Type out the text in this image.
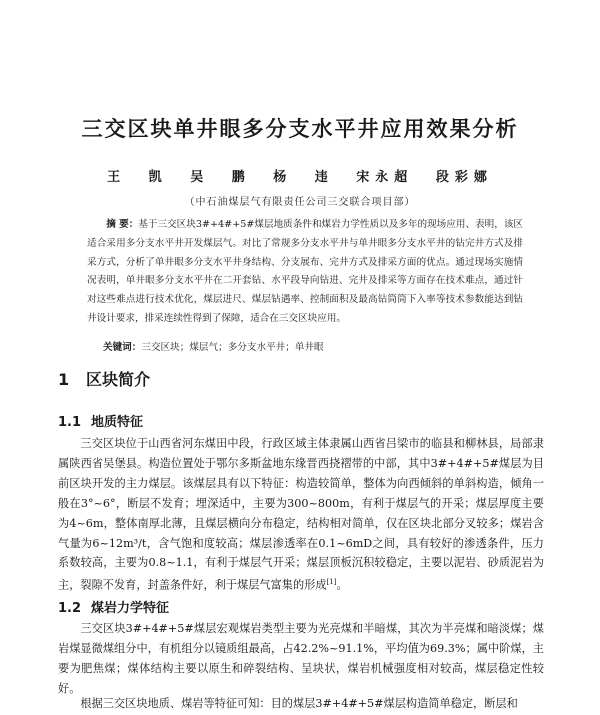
三交区块单井眼多分支水平井应用效果分析

王 凯 吴 鹏 杨 违 宋永超 段彩娜

（中石油煤层气有限责任公司三交联合项目部）

摘 要：基于三交区块3#+4#+5#煤层地质条件和煤岩力学性质以及多年的现场应用、表明，该区适合采用多分支水平井开发煤层气。对比了常规多分支水平井与单井眼多分支水平井的钻完井方式及排采方式，分析了单井眼多分支水平井身结构、分支展布、完井方式及排采方面的优点。通过现场实施情况表明，单井眼多分支水平井在二开套钻、水平段导向钻进、完井及排采等方面存在技术难点，通过针对这些难点进行技术优化，煤层进尺、煤层钻遇率、控制面积及最高钻筒筒下入率等技术参数能达到钻井设计要求，排采连续性得到了保障，适合在三交区块应用。

关键词：三交区块；煤层气；多分支水平井；单井眼

1 区块简介
1.1 地质特征

三交区块位于山西省河东煤田中段，行政区域主体隶属山西省吕梁市的临县和柳林县，局部隶属陕西省吴堡县。构造位置处于鄂尔多斯盆地东缘晋西挠褶带的中部，其中3#+4#+5#煤层为目前区块开发的主力煤层。该煤层具有以下特征：构造较简单，整体为向西倾斜的单斜构造，倾角一般在3°~6°，断层不发育；埋深适中，主要为300~800m，有利于煤层气的开采；煤层厚度主要为4~6m，整体南厚北薄，且煤层横向分布稳定，结构相对简单，仅在区块北部分叉较多；煤岩含气量为6~12m³/t，含气饱和度较高；煤层渗透率在0.1~6mD之间，具有较好的渗透条件，压力系数较高，主要为0.8~1.1，有利于煤层气开采；煤层顶板沉积较稳定，主要以泥岩、砂质泥岩为主，裂隙不发育，封盖条件好，利于煤层气富集的形成[1]。

1.2 煤岩力学特征

三交区块3#+4#+5#煤层宏观煤岩类型主要为光亮煤和半暗煤，其次为半亮煤和暗淡煤；煤岩煤显微煤组分中，有机组分以镜质组最高，占42.2%~91.1%，平均值为69.3%；属中阶煤，主要为肥焦煤；煤体结构主要以原生和碎裂结构、呈块状，煤岩机械强度相对较高，煤层稳定性较好。

根据三交区块地质、煤岩等特征可知：目的煤层3#+4#+5#煤层构造简单稳定，断层和
